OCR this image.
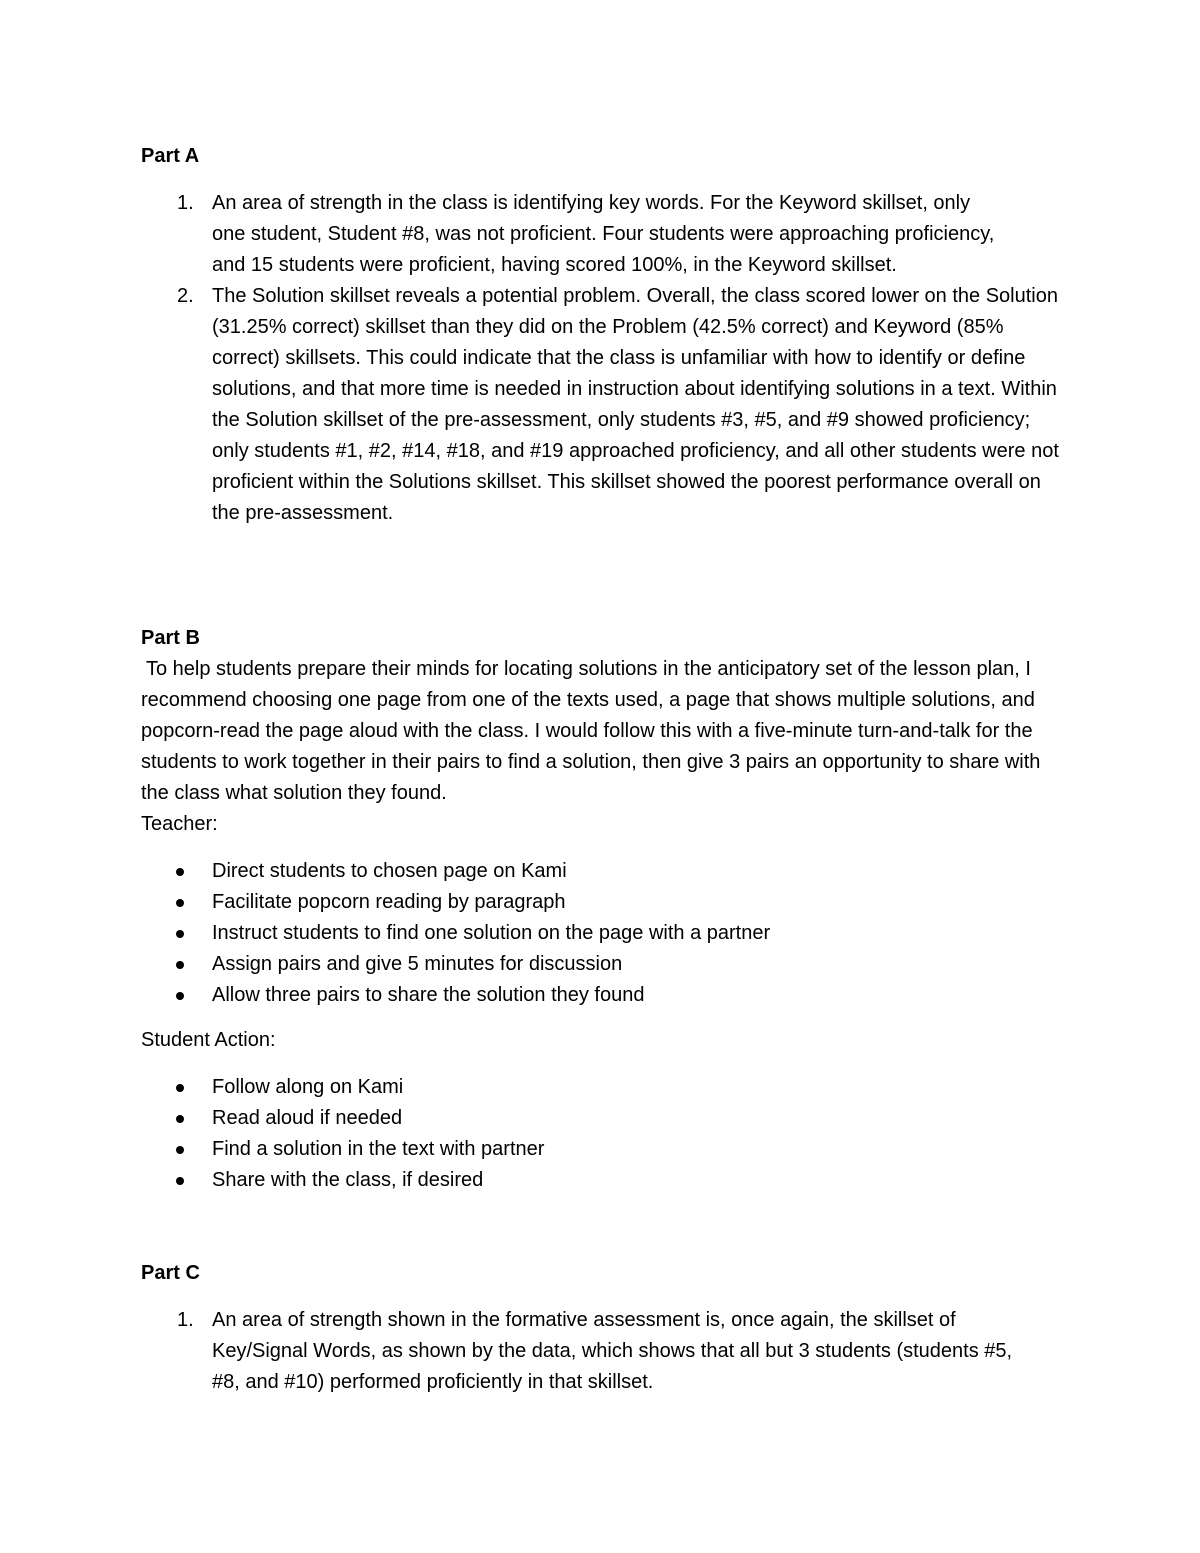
Part A
1. An area of strength in the class is identifying key words. For the Keyword skillset, only one student, Student #8, was not proficient. Four students were approaching proficiency, and 15 students were proficient, having scored 100%, in the Keyword skillset.
2. The Solution skillset reveals a potential problem. Overall, the class scored lower on the Solution (31.25% correct) skillset than they did on the Problem (42.5% correct) and Keyword (85% correct) skillsets. This could indicate that the class is unfamiliar with how to identify or define solutions, and that more time is needed in instruction about identifying solutions in a text. Within the Solution skillset of the pre-assessment, only students #3, #5, and #9 showed proficiency; only students #1, #2, #14, #18, and #19 approached proficiency, and all other students were not proficient within the Solutions skillset. This skillset showed the poorest performance overall on the pre-assessment.
Part B

To help students prepare their minds for locating solutions in the anticipatory set of the lesson plan, I recommend choosing one page from one of the texts used, a page that shows multiple solutions, and popcorn-read the page aloud with the class. I would follow this with a five-minute turn-and-talk for the students to work together in their pairs to find a solution, then give 3 pairs an opportunity to share with the class what solution they found.

Teacher:
Direct students to chosen page on Kami
Facilitate popcorn reading by paragraph
Instruct students to find one solution on the page with a partner
Assign pairs and give 5 minutes for discussion
Allow three pairs to share the solution they found
Student Action:
Follow along on Kami
Read aloud if needed
Find a solution in the text with partner
Share with the class, if desired
Part C
1. An area of strength shown in the formative assessment is, once again, the skillset of Key/Signal Words, as shown by the data, which shows that all but 3 students (students #5, #8, and #10) performed proficiently in that skillset.
